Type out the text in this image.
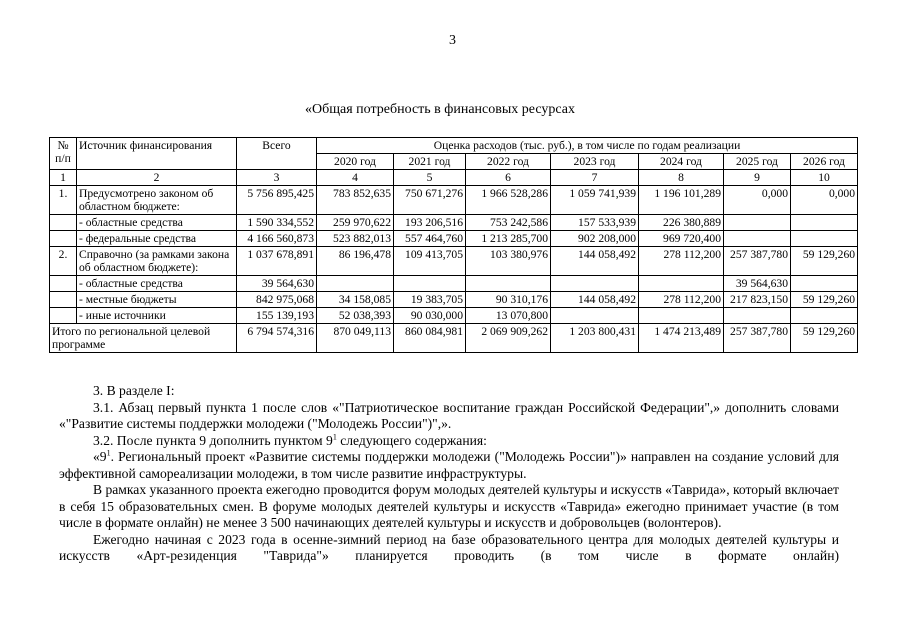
3
«Общая потребность в финансовых ресурсах
№ п/п	Источник финансирования	Всего	Оценка расходов (тыс. руб.), в том числе по годам реализации						
			2020 год	2021 год	2022 год	2023 год	2024 год	2025 год	2026 год
1	2	3	4	5	6	7	8	9	10
1.	Предусмотрено законом об областном бюджете:	5 756 895,425	783 852,635	750 671,276	1 966 528,286	1 059 741,939	1 196 101,289	0,000	0,000
	- областные средства	1 590 334,552	259 970,622	193 206,516	753 242,586	157 533,939	226 380,889		
	- федеральные средства	4 166 560,873	523 882,013	557 464,760	1 213 285,700	902 208,000	969 720,400		
2.	Справочно (за рамками закона об областном бюджете):	1 037 678,891	86 196,478	109 413,705	103 380,976	144 058,492	278 112,200	257 387,780	59 129,260
	- областные средства	39 564,630						39 564,630	
	- местные бюджеты	842 975,068	34 158,085	19 383,705	90 310,176	144 058,492	278 112,200	217 823,150	59 129,260
	- иные источники	155 139,193	52 038,393	90 030,000	13 070,800				
Итого по региональной целевой программе		6 794 574,316	870 049,113	860 084,981	2 069 909,262	1 203 800,431	1 474 213,489	257 387,780	59 129,260

3. В разделе I:

3.1. Абзац первый пункта 1 после слов «"Патриотическое воспитание граждан Российской Федерации",» дополнить словами «"Развитие системы поддержки молодежи ("Молодежь России")",».

3.2. После пункта 9 дополнить пунктом $9^1$ следующего содержания:

«$9^1$. Региональный проект «Развитие системы поддержки молодежи ("Молодежь России")» направлен на создание условий для эффективной самореализации молодежи, в том числе развитие инфраструктуры.

В рамках указанного проекта ежегодно проводится форум молодых деятелей культуры и искусств «Таврида», который включает в себя 15 образовательных смен. В форуме молодых деятелей культуры и искусств «Таврида» ежегодно принимает участие (в том числе в формате онлайн) не менее 3 500 начинающих деятелей культуры и искусств и добровольцев (волонтеров).

Ежегодно начиная с 2023 года в осенне-зимний период на базе образовательного центра для молодых деятелей культуры и искусств «Арт-резиденция "Таврида"» планируется проводить (в том числе в формате онлайн)
